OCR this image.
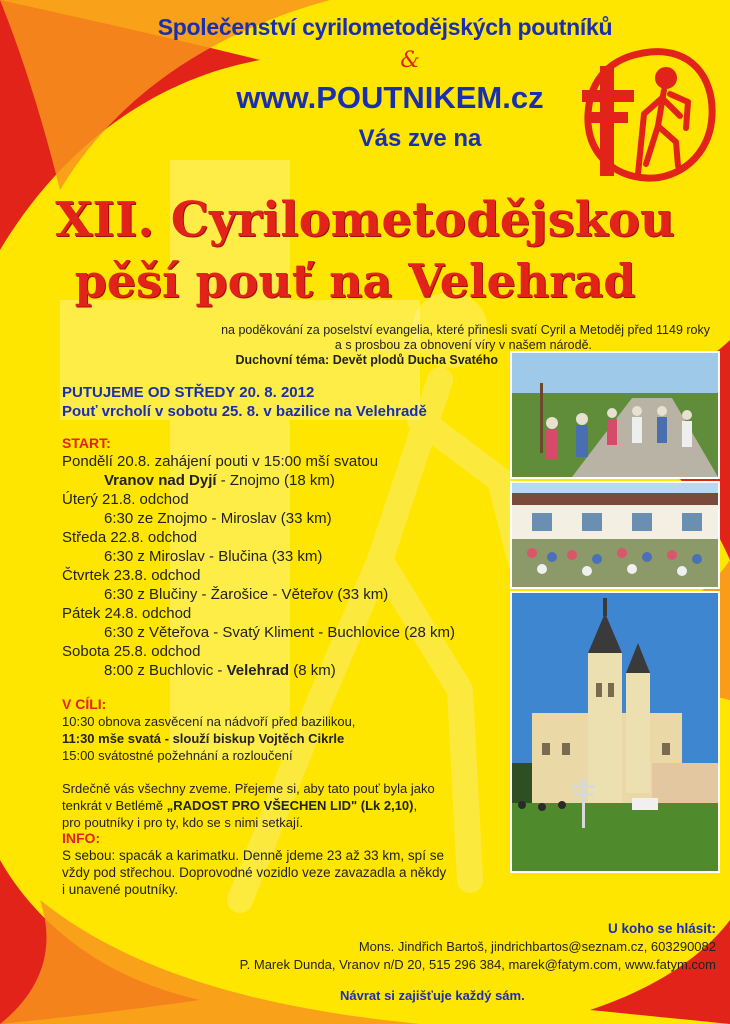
Společenství cyrilometodějských poutníků
&
www.POUTNIKEM.cz
Vás zve na
XII. Cyrilometodějskou
pěší pouť na Velehrad
na poděkování za poselství evangelia, které přinesli svatí Cyril a Metoděj před 1149 roky
a s prosbou za obnovení víry v našem národě.
Duchovní téma: Devět plodů Ducha Svatého
PUTUJEME OD STŘEDY 20. 8. 2012
Pouť vrcholí v sobotu 25. 8. v bazilice na Velehradě
START:
Pondělí 20.8. zahájení pouti v 15:00 mší svatou
Vranov nad Dyjí - Znojmo (18 km)
Úterý 21.8. odchod
6:30 ze Znojmo - Miroslav (33 km)
Středa 22.8. odchod
6:30 z Miroslav - Blučina (33 km)
Čtvrtek 23.8. odchod
6:30 z Blučiny - Žarošice - Věteřov (33 km)
Pátek 24.8. odchod
6:30 z Věteřova - Svatý Kliment - Buchlovice (28 km)
Sobota 25.8. odchod
8:00 z Buchlovic - Velehrad (8 km)
V CÍLI:
10:30 obnova zasvěcení na nádvoří před bazilikou,
11:30 mše svatá - slouží biskup Vojtěch Cikrle
15:00 svátostné požehnání a rozloučení
Srdečně vás všechny zveme. Přejeme si, aby tato pouť byla jako
tenkrát v Betlémě „RADOST PRO VŠECHEN LID" (Lk 2,10),
pro poutníky i pro ty, kdo se s nimi setkají.
INFO:
S sebou: spacák a karimatku. Denně jdeme 23 až 33 km, spí se
vždy pod střechou. Doprovodné vozidlo veze zavazadla a někdy
i unavené poutníky.
U koho se hlásit:
Mons. Jindřich Bartoš, jindrichbartos@seznam.cz, 603290082
P. Marek Dunda, Vranov n/D 20, 515 296 384, marek@fatym.com, www.fatym.com
Návrat si zajišťuje každý sám.
